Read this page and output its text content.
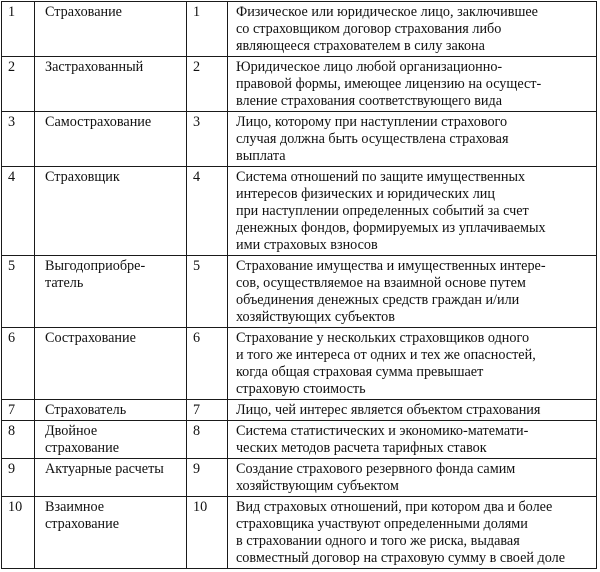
1	Страхование	1	Физическое или юридическое лицо, заключившее
со страховщиком договор страхования либо
являющееся страхователем в силу закона

2	Застрахованный	2	Юридическое лицо любой организационно-
правовой формы, имеющее лицензию на осущест-
вление страхования соответствующего вида

3	Самострахование	3	Лицо, которому при наступлении страхового
случая должна быть осуществлена страховая
выплата

4	Страховщик	4	Система отношений по защите имущественных
интересов физических и юридических лиц
при наступлении определенных событий за счет
денежных фондов, формируемых из уплачиваемых
ими страховых взносов

5	Выгодоприобре-
татель	5	Страхование имущества и имущественных интере-
сов, осуществляемое на взаимной основе путем
объединения денежных средств граждан и/или
хозяйствующих субъектов

6	Сострахование	6	Страхование у нескольких страховщиков одного
и того же интереса от одних и тех же опасностей,
когда общая страховая сумма превышает
страховую стоимость

7	Страхователь	7	Лицо, чей интерес является объектом страхования

8	Двойное
страхование	8	Система статистических и экономико-математи-
ческих методов расчета тарифных ставок

9	Актуарные расчеты	9	Создание страхового резервного фонда самим
хозяйствующим субъектом

10	Взаимное
страхование	10	Вид страховых отношений, при котором два и более
страховщика участвуют определенными долями
в страховании одного и того же риска, выдавая
совместный договор на страховую сумму в своей доле
